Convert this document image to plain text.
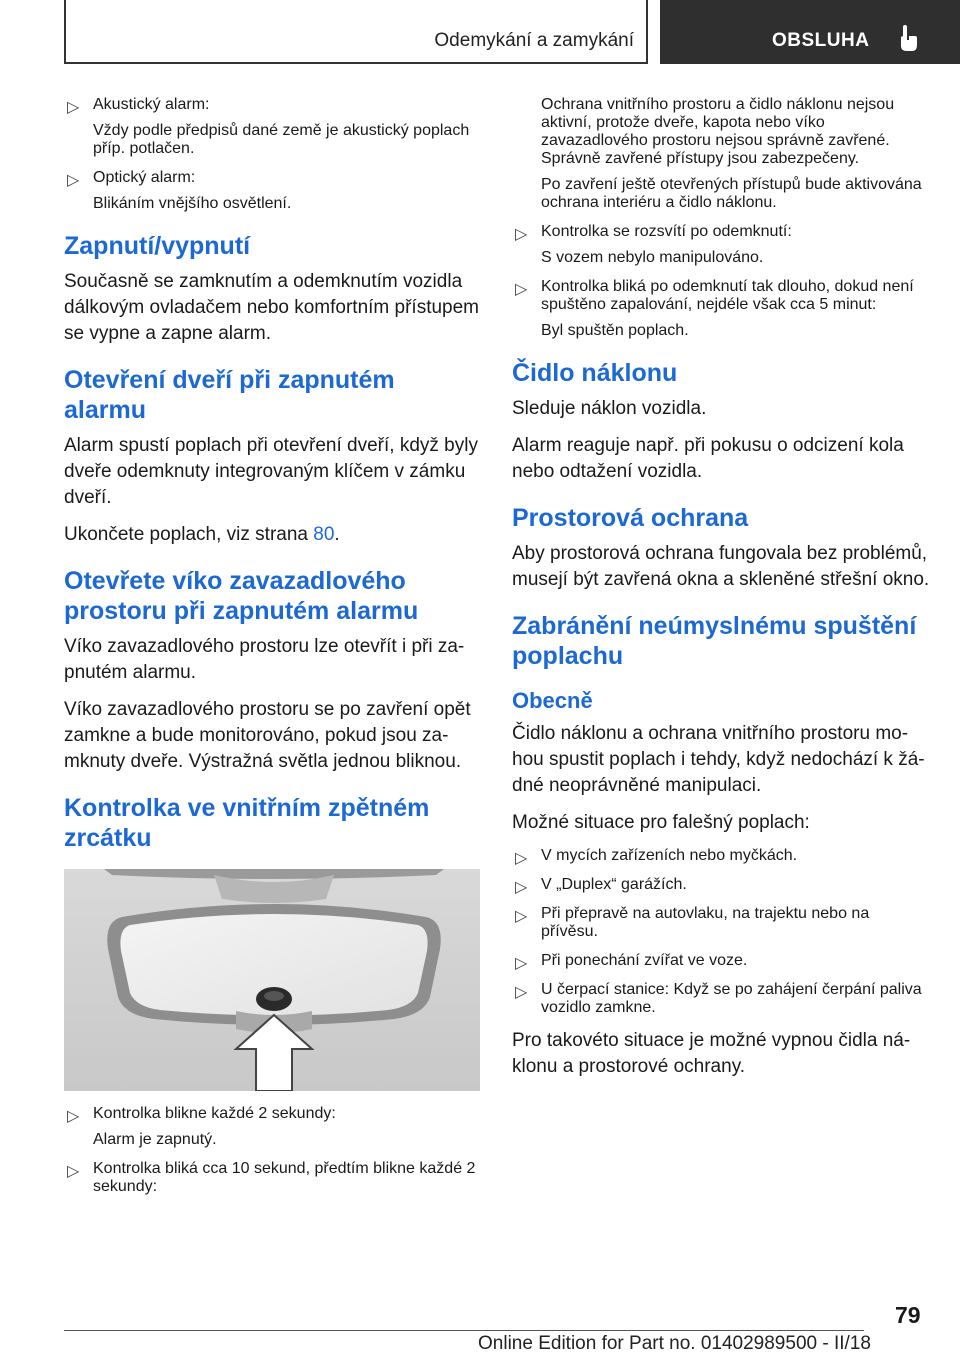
Odemykání a zamykání	OBSLUHA
▷ Akustický alarm:
Vždy podle předpisů dané země je akustický poplach příp. potlačen.
▷ Optický alarm:
Blikáním vnějšího osvětlení.
Zapnutí/vypnutí

Současně se zamknutím a odemknutím vozidla dálkovým ovladačem nebo komfortním přístupem se vypne a zapne alarm.

Otevření dveří při zapnutém alarmu

Alarm spustí poplach při otevření dveří, když byly dveře odemknuty integrovaným klíčem v zámku dveří.

Ukončete poplach, viz strana 80.

Otevřete víko zavazadlového prostoru při zapnutém alarmu

Víko zavazadlového prostoru lze otevřít i při zapnutém alarmu.

Víko zavazadlového prostoru se po zavření opět zamkne a bude monitorováno, pokud jsou zamknuty dveře. Výstražná světla jednou bliknou.

Kontrolka ve vnitřním zpětném zrcátku
▷ Kontrolka blikne každé 2 sekundy:
Alarm je zapnutý.
▷ Kontrolka bliká cca 10 sekund, předtím blikne každé 2 sekundy:
Ochrana vnitřního prostoru a čidlo náklonu nejsou aktivní, protože dveře, kapota nebo víko zavazadlového prostoru nejsou správně zavřené. Správně zavřené přístupy jsou zabezpečeny.
Po zavření ještě otevřených přístupů bude aktivována ochrana interiéru a čidlo náklonu.
▷ Kontrolka se rozsvítí po odemknutí:
S vozem nebylo manipulováno.
▷ Kontrolka bliká po odemknutí tak dlouho, dokud není spuštěno zapalování, nejdéle však cca 5 minut:
Byl spuštěn poplach.
Čidlo náklonu

Sleduje náklon vozidla.

Alarm reaguje např. při pokusu o odcizení kola nebo odtažení vozidla.

Prostorová ochrana

Aby prostorová ochrana fungovala bez problémů, musejí být zavřená okna a skleněné střešní okno.

Zabránění neúmyslnému spuštění poplachu
Obecně

Čidlo náklonu a ochrana vnitřního prostoru mohou spustit poplach i tehdy, když nedochází k žádné neoprávněné manipulaci.

Možné situace pro falešný poplach:

▷ V mycích zařízeních nebo myčkách.
▷ V „Duplex“ garážích.
▷ Při přepravě na autovlaku, na trajektu nebo na přívěsu.
▷ Při ponechání zvířat ve voze.
▷ U čerpací stanice: Když se po zahájení čerpání paliva vozidlo zamkne.

Pro takovéto situace je možné vypnou čidla náklonu a prostorové ochrany.

79
Online Edition for Part no. 01402989500 - II/18
